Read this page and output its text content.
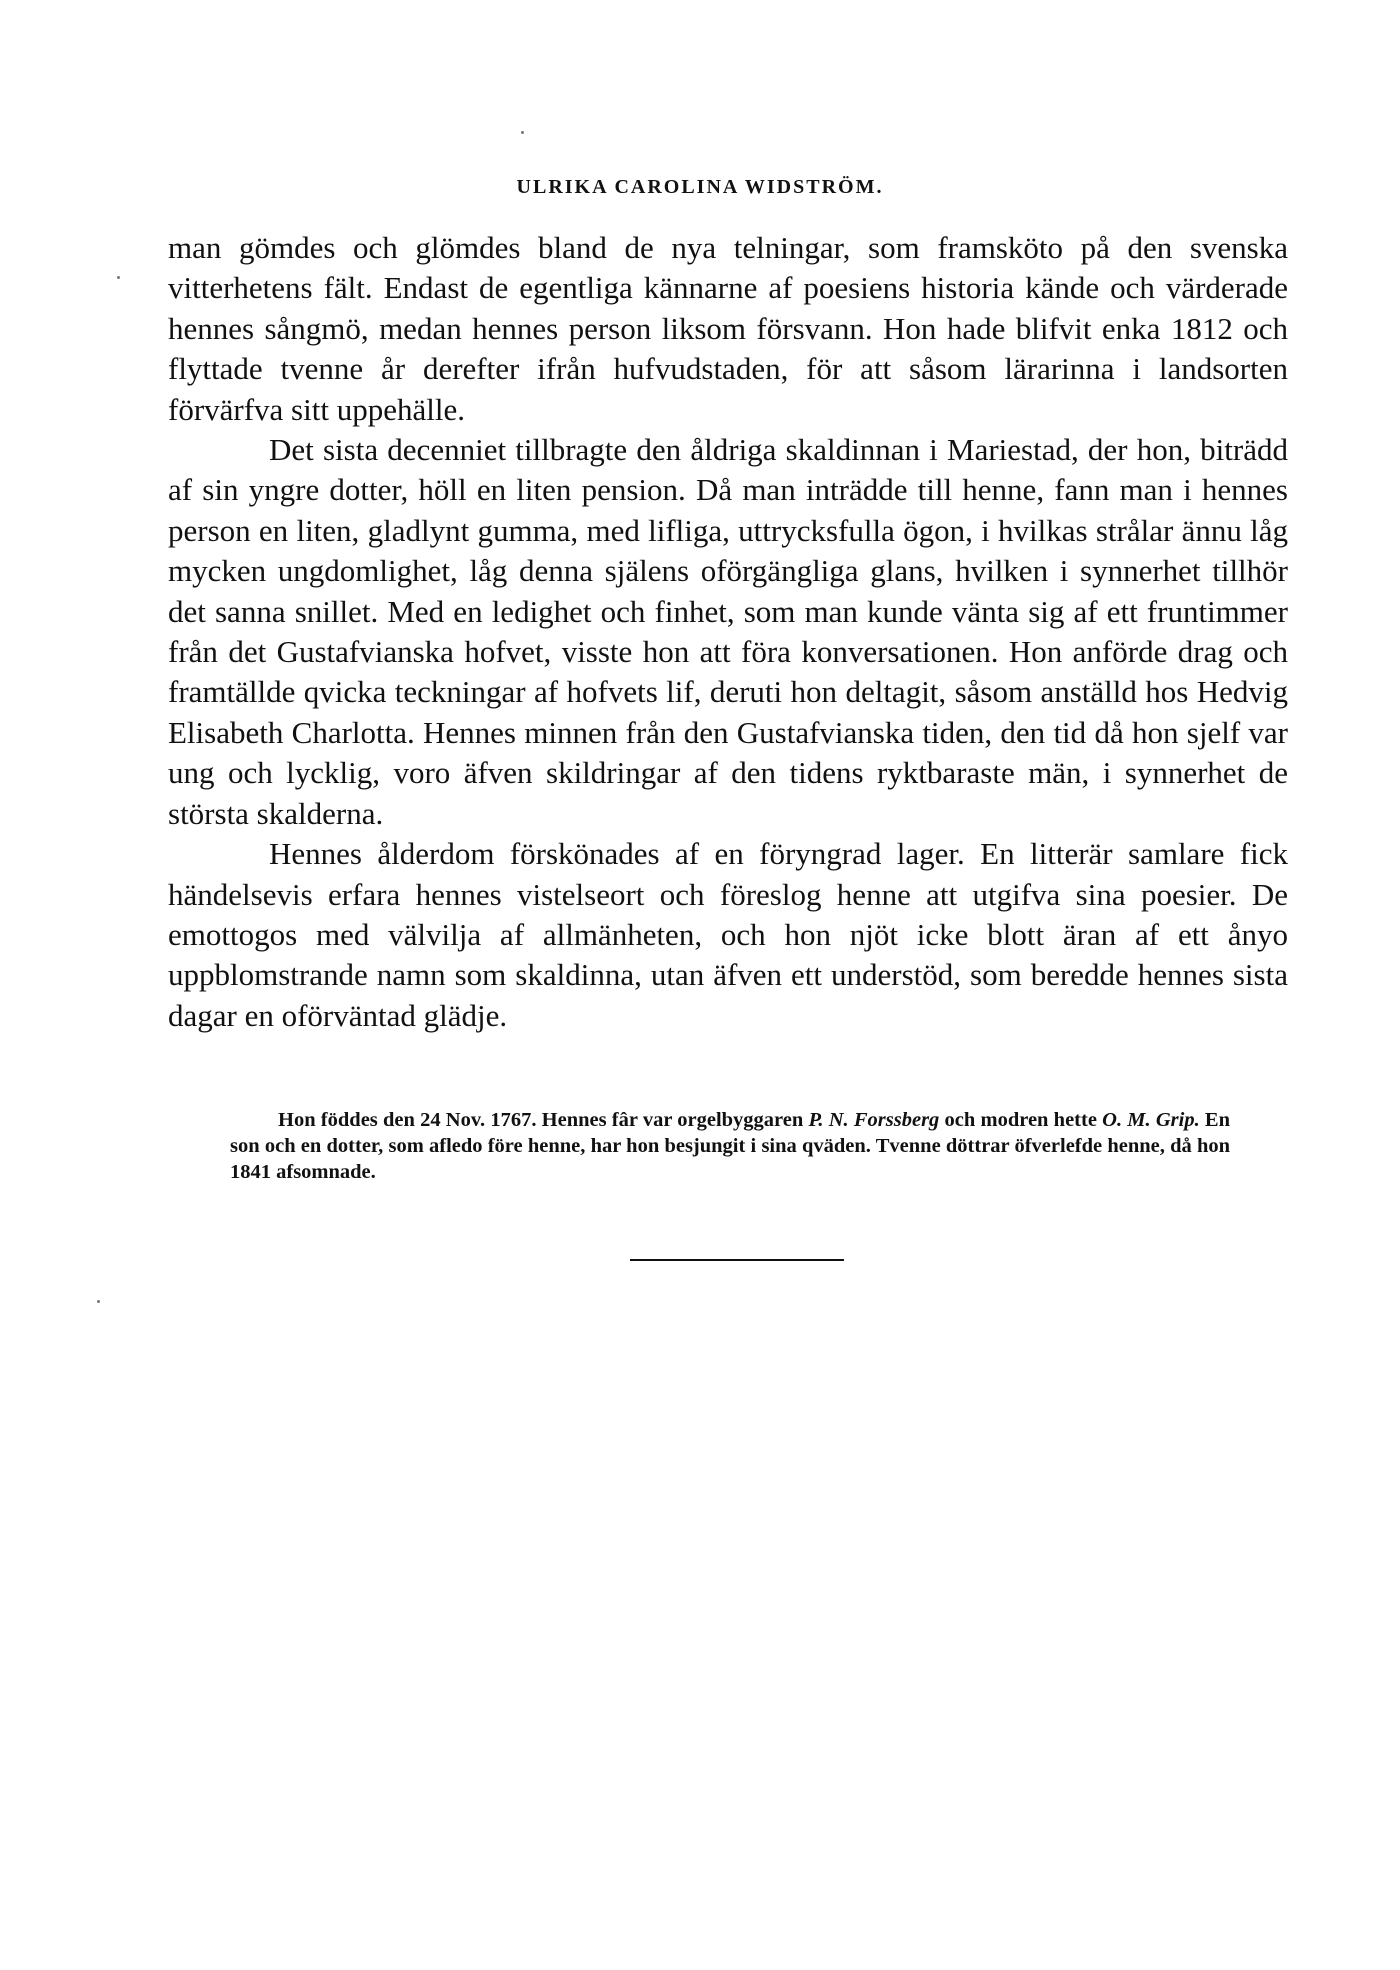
ULRIKA CAROLINA WIDSTRÖM.

man gömdes och glömdes bland de nya telningar, som framsköto på den svenska vitterhetens fält. Endast de egentliga kännarne af poesiens historia kände och värderade hennes sångmö, medan hennes person liksom försvann. Hon hade blifvit enka 1812 och flyttade tvenne år derefter ifrån hufvudstaden, för att såsom lärarinna i landsorten förvärfva sitt uppehälle.

Det sista decenniet tillbragte den åldriga skaldinnan i Mariestad, der hon, biträdd af sin yngre dotter, höll en liten pension. Då man inträdde till henne, fann man i hennes person en liten, gladlynt gumma, med lifliga, uttrycksfulla ögon, i hvilkas strålar ännu låg mycken ungdomlighet, låg denna själens oförgängliga glans, hvilken i synnerhet tillhör det sanna snillet. Med en ledighet och finhet, som man kunde vänta sig af ett fruntimmer från det Gustafvianska hofvet, visste hon att föra konversationen. Hon anförde drag och framtällde qvicka teckningar af hofvets lif, deruti hon deltagit, såsom anställd hos Hedvig Elisabeth Charlotta. Hennes minnen från den Gustafvianska tiden, den tid då hon sjelf var ung och lycklig, voro äfven skildringar af den tidens ryktbaraste män, i synnerhet de största skalderna.

Hennes ålderdom förskönades af en föryngrad lager. En litterär samlare fick händelsevis erfara hennes vistelseort och föreslog henne att utgifva sina poesier. De emottogos med välvilja af allmänheten, och hon njöt icke blott äran af ett ånyo uppblomstrande namn som skaldinna, utan äfven ett understöd, som beredde hennes sista dagar en oförväntad glädje.

Hon föddes den 24 Nov. 1767. Hennes fâr var orgelbyggaren P. N. Forssberg och modren hette O. M. Grip. En son och en dotter, som afledo före henne, har hon besjungit i sina qväden. Tvenne döttrar öfverlefde henne, då hon 1841 afsomnade.
